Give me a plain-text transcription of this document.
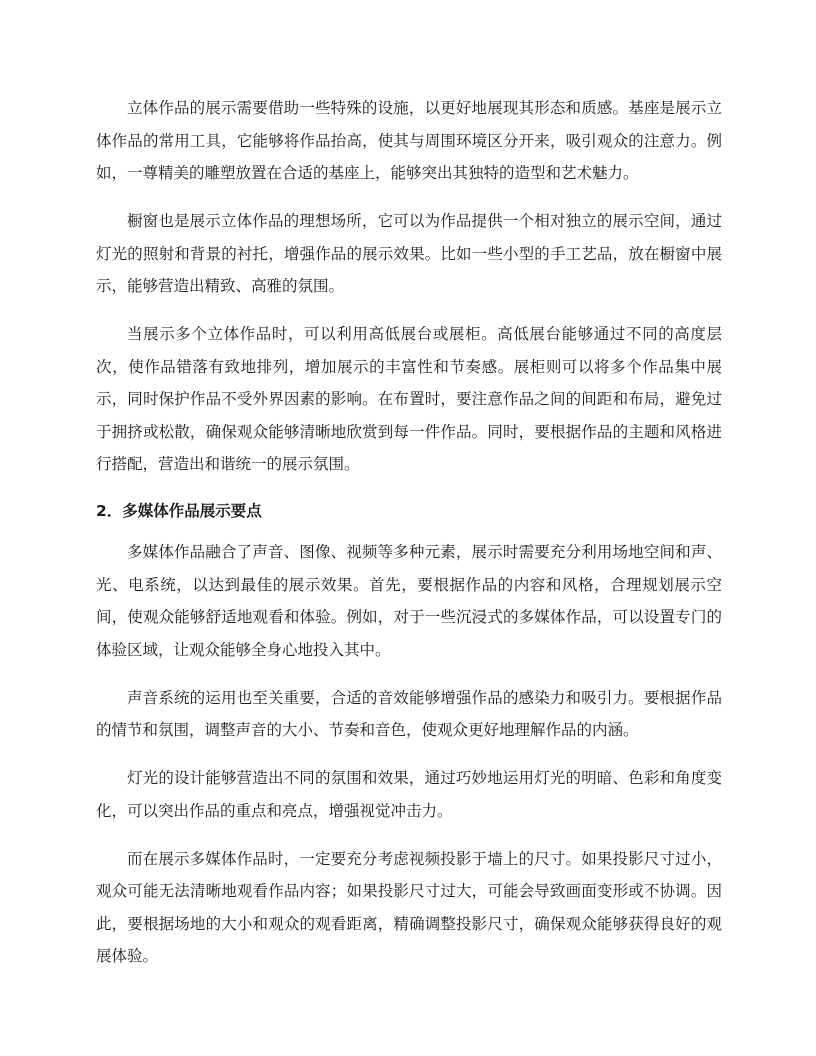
立体作品的展示需要借助一些特殊的设施，以更好地展现其形态和质感。基座是展示立体作品的常用工具，它能够将作品抬高，使其与周围环境区分开来，吸引观众的注意力。例如，一尊精美的雕塑放置在合适的基座上，能够突出其独特的造型和艺术魅力。

橱窗也是展示立体作品的理想场所，它可以为作品提供一个相对独立的展示空间，通过灯光的照射和背景的衬托，增强作品的展示效果。比如一些小型的手工艺品，放在橱窗中展示，能够营造出精致、高雅的氛围。

当展示多个立体作品时，可以利用高低展台或展柜。高低展台能够通过不同的高度层次，使作品错落有致地排列，增加展示的丰富性和节奏感。展柜则可以将多个作品集中展示，同时保护作品不受外界因素的影响。在布置时，要注意作品之间的间距和布局，避免过于拥挤或松散，确保观众能够清晰地欣赏到每一件作品。同时，要根据作品的主题和风格进行搭配，营造出和谐统一的展示氛围。

2．多媒体作品展示要点

多媒体作品融合了声音、图像、视频等多种元素，展示时需要充分利用场地空间和声、光、电系统，以达到最佳的展示效果。首先，要根据作品的内容和风格，合理规划展示空间，使观众能够舒适地观看和体验。例如，对于一些沉浸式的多媒体作品，可以设置专门的体验区域，让观众能够全身心地投入其中。

声音系统的运用也至关重要，合适的音效能够增强作品的感染力和吸引力。要根据作品的情节和氛围，调整声音的大小、节奏和音色，使观众更好地理解作品的内涵。

灯光的设计能够营造出不同的氛围和效果，通过巧妙地运用灯光的明暗、色彩和角度变化，可以突出作品的重点和亮点，增强视觉冲击力。

而在展示多媒体作品时，一定要充分考虑视频投影于墙上的尺寸。如果投影尺寸过小，观众可能无法清晰地观看作品内容；如果投影尺寸过大，可能会导致画面变形或不协调。因此，要根据场地的大小和观众的观看距离，精确调整投影尺寸，确保观众能够获得良好的观展体验。
